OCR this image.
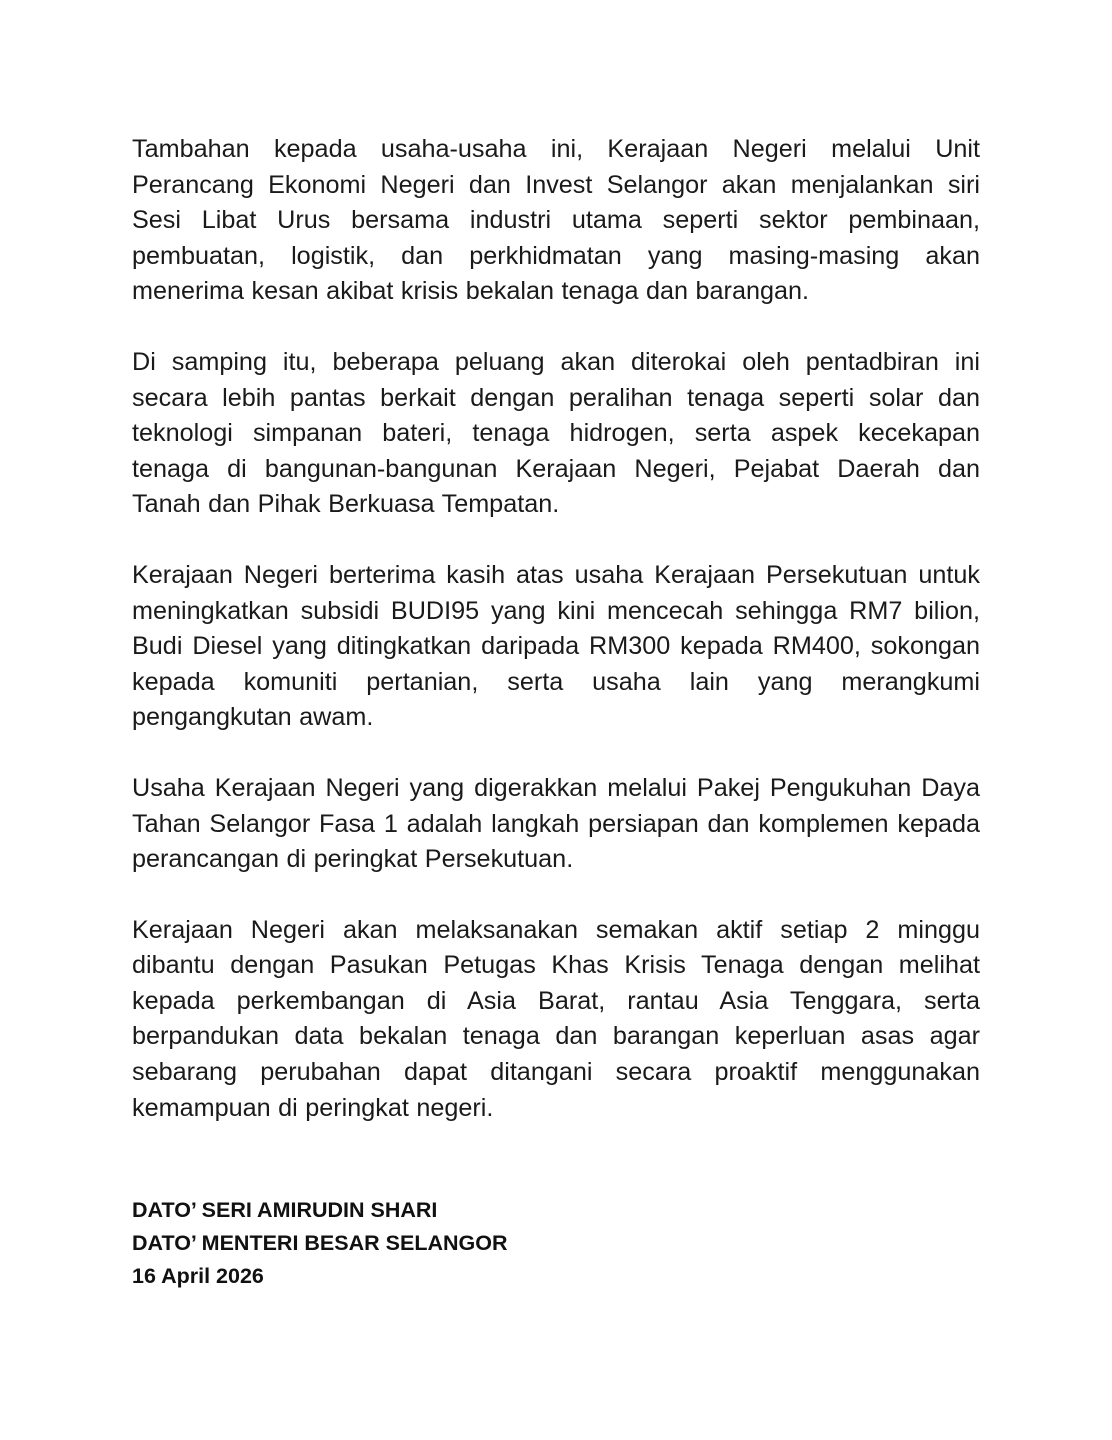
Tambahan kepada usaha-usaha ini, Kerajaan Negeri melalui Unit
Perancang Ekonomi Negeri dan Invest Selangor akan menjalankan siri
Sesi Libat Urus bersama industri utama seperti sektor pembinaan,
pembuatan, logistik, dan perkhidmatan yang masing-masing akan
menerima kesan akibat krisis bekalan tenaga dan barangan.

Di samping itu, beberapa peluang akan diterokai oleh pentadbiran ini
secara lebih pantas berkait dengan peralihan tenaga seperti solar dan
teknologi simpanan bateri, tenaga hidrogen, serta aspek kecekapan
tenaga di bangunan-bangunan Kerajaan Negeri, Pejabat Daerah dan
Tanah dan Pihak Berkuasa Tempatan.

Kerajaan Negeri berterima kasih atas usaha Kerajaan Persekutuan untuk
meningkatkan subsidi BUDI95 yang kini mencecah sehingga RM7 bilion,
Budi Diesel yang ditingkatkan daripada RM300 kepada RM400, sokongan
kepada komuniti pertanian, serta usaha lain yang merangkumi
pengangkutan awam.

Usaha Kerajaan Negeri yang digerakkan melalui Pakej Pengukuhan Daya
Tahan Selangor Fasa 1 adalah langkah persiapan dan komplemen kepada
perancangan di peringkat Persekutuan.

Kerajaan Negeri akan melaksanakan semakan aktif setiap 2 minggu
dibantu dengan Pasukan Petugas Khas Krisis Tenaga dengan melihat
kepada perkembangan di Asia Barat, rantau Asia Tenggara, serta
berpandukan data bekalan tenaga dan barangan keperluan asas agar
sebarang perubahan dapat ditangani secara proaktif menggunakan
kemampuan di peringkat negeri.

DATO’ SERI AMIRUDIN SHARI
DATO’ MENTERI BESAR SELANGOR
16 April 2026
